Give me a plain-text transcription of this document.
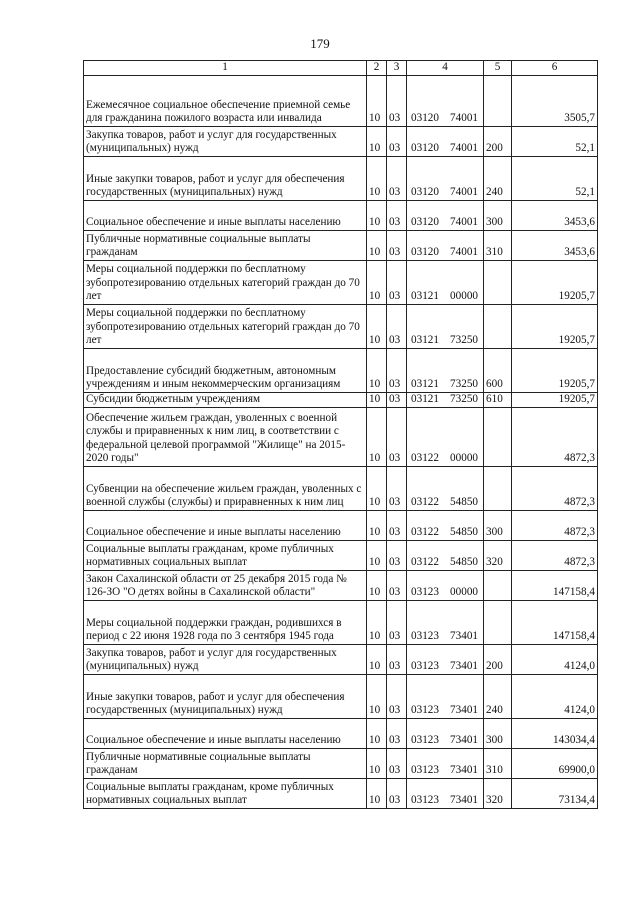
179
1	2	3	4	5	6
Ежемесячное социальное обеспечение приемной семье для гражданина пожилого возраста или инвалида	10	03	03120 74001		3505,7
Закупка товаров, работ и услуг для государственных (муниципальных) нужд	10	03	03120 74001	200	52,1
Иные закупки товаров, работ и услуг для обеспечения государственных (муниципальных) нужд	10	03	03120 74001	240	52,1
Социальное обеспечение и иные выплаты населению	10	03	03120 74001	300	3453,6
Публичные нормативные социальные выплаты гражданам	10	03	03120 74001	310	3453,6
Меры социальной поддержки по бесплатному зубопротезированию отдельных категорий граждан до 70 лет	10	03	03121 00000		19205,7
Меры социальной поддержки по бесплатному зубопротезированию отдельных категорий граждан до 70 лет	10	03	03121 73250		19205,7
Предоставление субсидий бюджетным, автономным учреждениям и иным некоммерческим организациям	10	03	03121 73250	600	19205,7
Субсидии бюджетным учреждениям	10	03	03121 73250	610	19205,7
Обеспечение жильем граждан, уволенных с военной службы и приравненных к ним лиц, в соответствии с федеральной целевой программой "Жилище" на 2015-2020 годы"	10	03	03122 00000		4872,3
Субвенции на обеспечение жильем граждан, уволенных с военной службы (службы) и приравненных к ним лиц	10	03	03122 54850		4872,3
Социальное обеспечение и иные выплаты населению	10	03	03122 54850	300	4872,3
Социальные выплаты гражданам, кроме публичных нормативных социальных выплат	10	03	03122 54850	320	4872,3
Закон Сахалинской области от 25 декабря 2015 года № 126-ЗО "О детях войны в Сахалинской области"	10	03	03123 00000		147158,4
Меры социальной поддержки граждан, родившихся в период с 22 июня 1928 года по 3 сентября 1945 года	10	03	03123 73401		147158,4
Закупка товаров, работ и услуг для государственных (муниципальных) нужд	10	03	03123 73401	200	4124,0
Иные закупки товаров, работ и услуг для обеспечения государственных (муниципальных) нужд	10	03	03123 73401	240	4124,0
Социальное обеспечение и иные выплаты населению	10	03	03123 73401	300	143034,4
Публичные нормативные социальные выплаты гражданам	10	03	03123 73401	310	69900,0
Социальные выплаты гражданам, кроме публичных нормативных социальных выплат	10	03	03123 73401	320	73134,4
